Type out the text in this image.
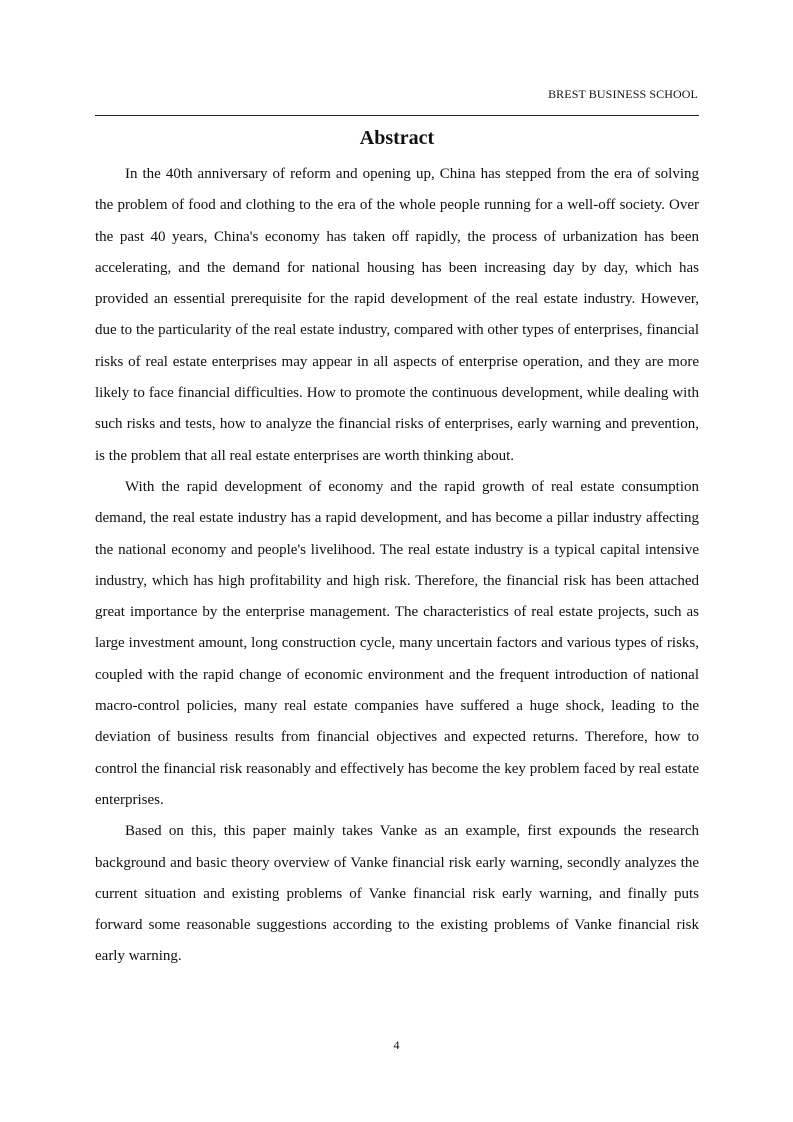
BREST BUSINESS SCHOOL
Abstract

In the 40th anniversary of reform and opening up, China has stepped from the era of solving the problem of food and clothing to the era of the whole people running for a well-off society. Over the past 40 years, China's economy has taken off rapidly, the process of urbanization has been accelerating, and the demand for national housing has been increasing day by day, which has provided an essential prerequisite for the rapid development of the real estate industry. However, due to the particularity of the real estate industry, compared with other types of enterprises, financial risks of real estate enterprises may appear in all aspects of enterprise operation, and they are more likely to face financial difficulties. How to promote the continuous development, while dealing with such risks and tests, how to analyze the financial risks of enterprises, early warning and prevention, is the problem that all real estate enterprises are worth thinking about.

With the rapid development of economy and the rapid growth of real estate consumption demand, the real estate industry has a rapid development, and has become a pillar industry affecting the national economy and people's livelihood. The real estate industry is a typical capital intensive industry, which has high profitability and high risk. Therefore, the financial risk has been attached great importance by the enterprise management. The characteristics of real estate projects, such as large investment amount, long construction cycle, many uncertain factors and various types of risks, coupled with the rapid change of economic environment and the frequent introduction of national macro-control policies, many real estate companies have suffered a huge shock, leading to the deviation of business results from financial objectives and expected returns. Therefore, how to control the financial risk reasonably and effectively has become the key problem faced by real estate enterprises.

Based on this, this paper mainly takes Vanke as an example, first expounds the research background and basic theory overview of Vanke financial risk early warning, secondly analyzes the current situation and existing problems of Vanke financial risk early warning, and finally puts forward some reasonable suggestions according to the existing problems of Vanke financial risk early warning.

4
